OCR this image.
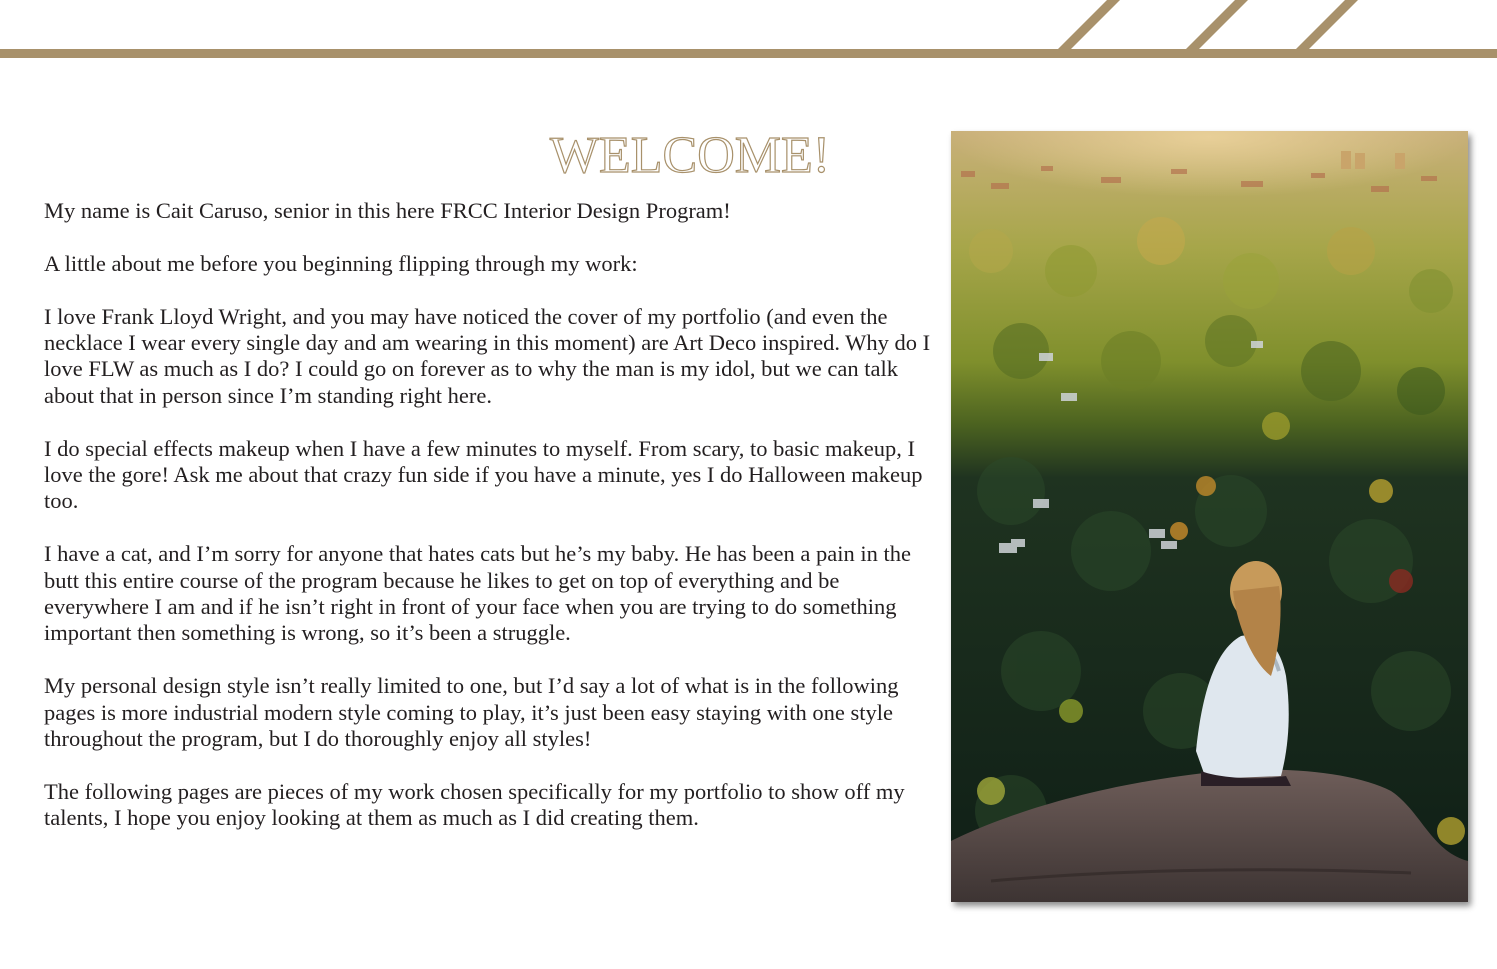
WELCOME!

My name is Cait Caruso, senior in this here FRCC Interior Design Program!

A little about me before you beginning flipping through my work:

I love Frank Lloyd Wright, and you may have noticed the cover of my portfolio (and even the necklace I wear every single day and am wearing in this moment) are Art Deco inspired. Why do I love FLW as much as I do? I could go on forever as to why the man is my idol, but we can talk about that in person since I’m standing right here.

I do special effects makeup when I have a few minutes to myself. From scary, to basic makeup, I love the gore! Ask me about that crazy fun side if you have a minute, yes I do Halloween makeup too.

I have a cat, and I’m sorry for anyone that hates cats but he’s my baby. He has been a pain in the butt this entire course of the program because he likes to get on top of everything and be everywhere I am and if he isn’t right in front of your face when you are trying to do something important then something is wrong, so it’s been a struggle.

My personal design style isn’t really limited to one, but I’d say a lot of what is in the following pages is more industrial modern style coming to play, it’s just been easy staying with one style throughout the program, but I do thoroughly enjoy all styles!

The following pages are pieces of my work chosen specifically for my portfolio to show off my talents, I hope you enjoy looking at them as much as I did creating them.
